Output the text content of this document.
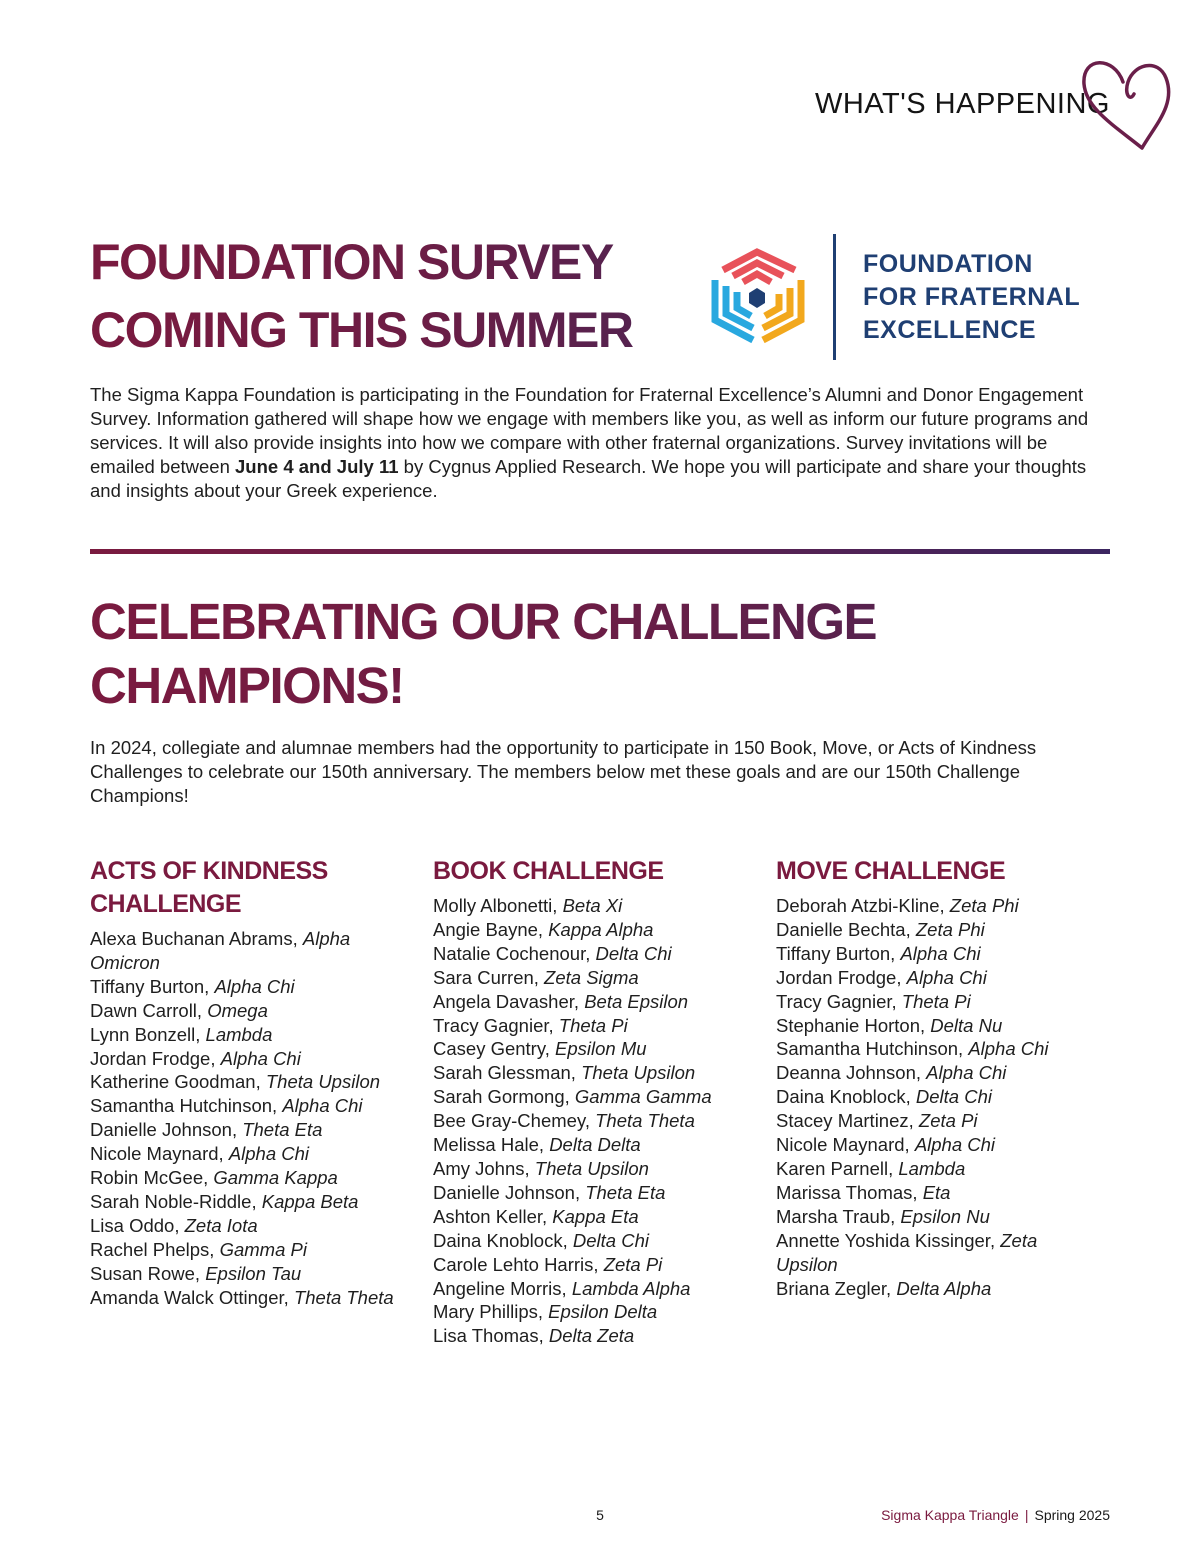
WHAT'S HAPPENING
FOUNDATION SURVEY
COMING THIS SUMMER
FOUNDATION
FOR FRATERNAL
EXCELLENCE

The Sigma Kappa Foundation is participating in the Foundation for Fraternal Excellence’s Alumni and Donor Engagement Survey. Information gathered will shape how we engage with members like you, as well as inform our future programs and services. It will also provide insights into how we compare with other fraternal organizations. Survey invitations will be emailed between June 4 and July 11 by Cygnus Applied Research. We hope you will participate and share your thoughts and insights about your Greek experience.

CELEBRATING OUR CHALLENGE
CHAMPIONS!

In 2024, collegiate and alumnae members had the opportunity to participate in 150 Book, Move, or Acts of Kindness Challenges to celebrate our 150th anniversary. The members below met these goals and are our 150th Challenge Champions!

ACTS OF KINDNESS
CHALLENGE
Alexa Buchanan Abrams, Alpha Omicron
Tiffany Burton, Alpha Chi
Dawn Carroll, Omega
Lynn Bonzell, Lambda
Jordan Frodge, Alpha Chi
Katherine Goodman, Theta Upsilon
Samantha Hutchinson, Alpha Chi
Danielle Johnson, Theta Eta
Nicole Maynard, Alpha Chi
Robin McGee, Gamma Kappa
Sarah Noble-Riddle, Kappa Beta
Lisa Oddo, Zeta Iota
Rachel Phelps, Gamma Pi
Susan Rowe, Epsilon Tau
Amanda Walck Ottinger, Theta Theta
BOOK CHALLENGE
Molly Albonetti, Beta Xi
Angie Bayne, Kappa Alpha
Natalie Cochenour, Delta Chi
Sara Curren, Zeta Sigma
Angela Davasher, Beta Epsilon
Tracy Gagnier, Theta Pi
Casey Gentry, Epsilon Mu
Sarah Glessman, Theta Upsilon
Sarah Gormong, Gamma Gamma
Bee Gray-Chemey, Theta Theta
Melissa Hale, Delta Delta
Amy Johns, Theta Upsilon
Danielle Johnson, Theta Eta
Ashton Keller, Kappa Eta
Daina Knoblock, Delta Chi
Carole Lehto Harris, Zeta Pi
Angeline Morris, Lambda Alpha
Mary Phillips, Epsilon Delta
Lisa Thomas, Delta Zeta
MOVE CHALLENGE
Deborah Atzbi-Kline, Zeta Phi
Danielle Bechta, Zeta Phi
Tiffany Burton, Alpha Chi
Jordan Frodge, Alpha Chi
Tracy Gagnier, Theta Pi
Stephanie Horton, Delta Nu
Samantha Hutchinson, Alpha Chi
Deanna Johnson, Alpha Chi
Daina Knoblock, Delta Chi
Stacey Martinez, Zeta Pi
Nicole Maynard, Alpha Chi
Karen Parnell, Lambda
Marissa Thomas, Eta
Marsha Traub, Epsilon Nu
Annette Yoshida Kissinger, Zeta Upsilon
Briana Zegler, Delta Alpha
5	Sigma Kappa Triangle | Spring 2025
